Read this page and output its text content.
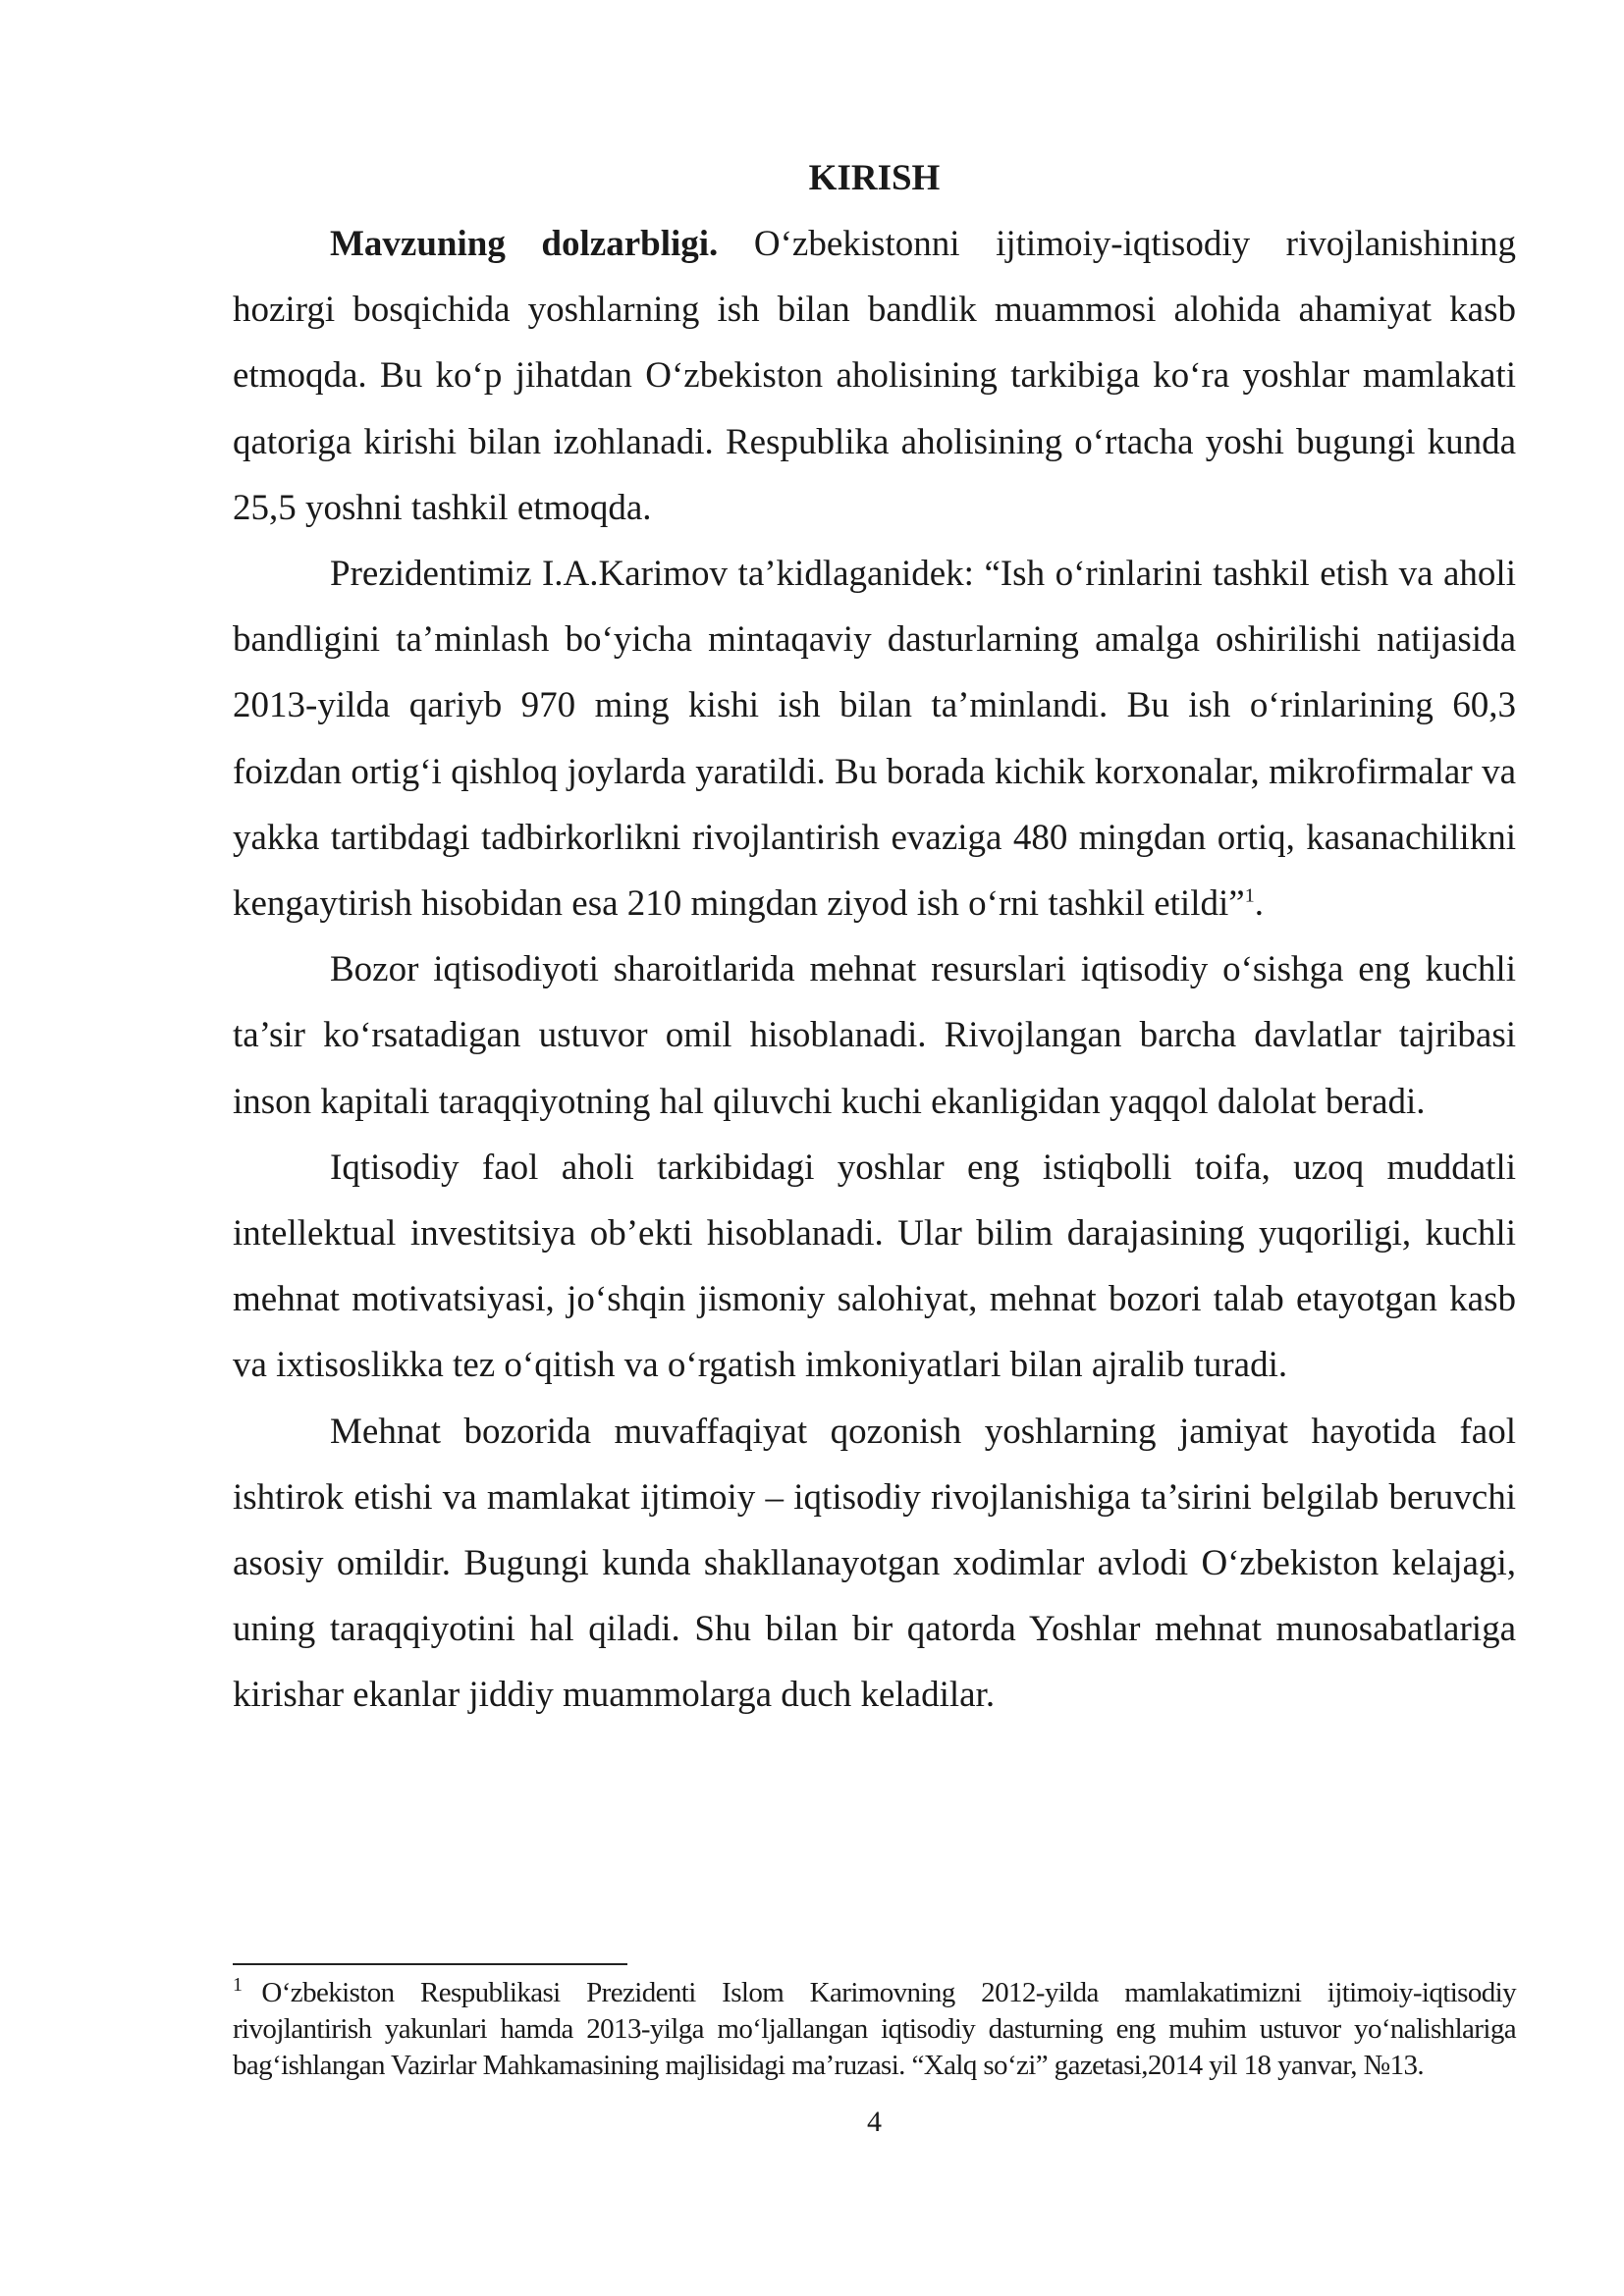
KIRISH

Mavzuning dolzarbligi. O‘zbekistonni ijtimoiy-iqtisodiy rivojlanishining hozirgi bosqichida yoshlarning ish bilan bandlik muammosi alohida ahamiyat kasb etmoqda. Bu ko‘p jihatdan O‘zbekiston aholisining tarkibiga ko‘ra yoshlar mamlakati qatoriga kirishi bilan izohlanadi. Respublika aholisining o‘rtacha yoshi bugungi kunda 25,5 yoshni tashkil etmoqda.

Prezidentimiz I.A.Karimov ta’kidlaganidek: “Ish o‘rinlarini tashkil etish va aholi bandligini ta’minlash bo‘yicha mintaqaviy dasturlarning amalga oshirilishi natijasida 2013-yilda qariyb 970 ming kishi ish bilan ta’minlandi. Bu ish o‘rinlarining 60,3 foizdan ortig‘i qishloq joylarda yaratildi. Bu borada kichik korxonalar, mikrofirmalar va yakka tartibdagi tadbirkorlikni rivojlantirish evaziga 480 mingdan ortiq, kasanachilikni kengaytirish hisobidan esa 210 mingdan ziyod ish o‘rni tashkil etildi”$^1$.

Bozor iqtisodiyoti sharoitlarida mehnat resurslari iqtisodiy o‘sishga eng kuchli ta’sir ko‘rsatadigan ustuvor omil hisoblanadi. Rivojlangan barcha davlatlar tajribasi inson kapitali taraqqiyotning hal qiluvchi kuchi ekanligidan yaqqol dalolat beradi.

Iqtisodiy faol aholi tarkibidagi yoshlar eng istiqbolli toifa, uzoq muddatli intellektual investitsiya ob’ekti hisoblanadi. Ular bilim darajasining yuqoriligi, kuchli mehnat motivatsiyasi, jo‘shqin jismoniy salohiyat, mehnat bozori talab etayotgan kasb va ixtisoslikka tez o‘qitish va o‘rgatish imkoniyatlari bilan ajralib turadi.

Mehnat bozorida muvaffaqiyat qozonish yoshlarning jamiyat hayotida faol ishtirok etishi va mamlakat ijtimoiy – iqtisodiy rivojlanishiga ta’sirini belgilab beruvchi asosiy omildir. Bugungi kunda shakllanayotgan xodimlar avlodi O‘zbekiston kelajagi, uning taraqqiyotini hal qiladi. Shu bilan bir qatorda Yoshlar mehnat munosabatlariga kirishar ekanlar jiddiy muammolarga duch keladilar.

$^1$ O‘zbekiston Respublikasi Prezidenti Islom Karimovning 2012-yilda mamlakatimizni ijtimoiy-iqtisodiy rivojlantirish yakunlari hamda 2013-yilga mo‘ljallangan iqtisodiy dasturning eng muhim ustuvor yo‘nalishlariga bag‘ishlangan Vazirlar Mahkamasining majlisidagi ma’ruzasi. “Xalq so‘zi” gazetasi,2014 yil 18 yanvar, №13.
4
